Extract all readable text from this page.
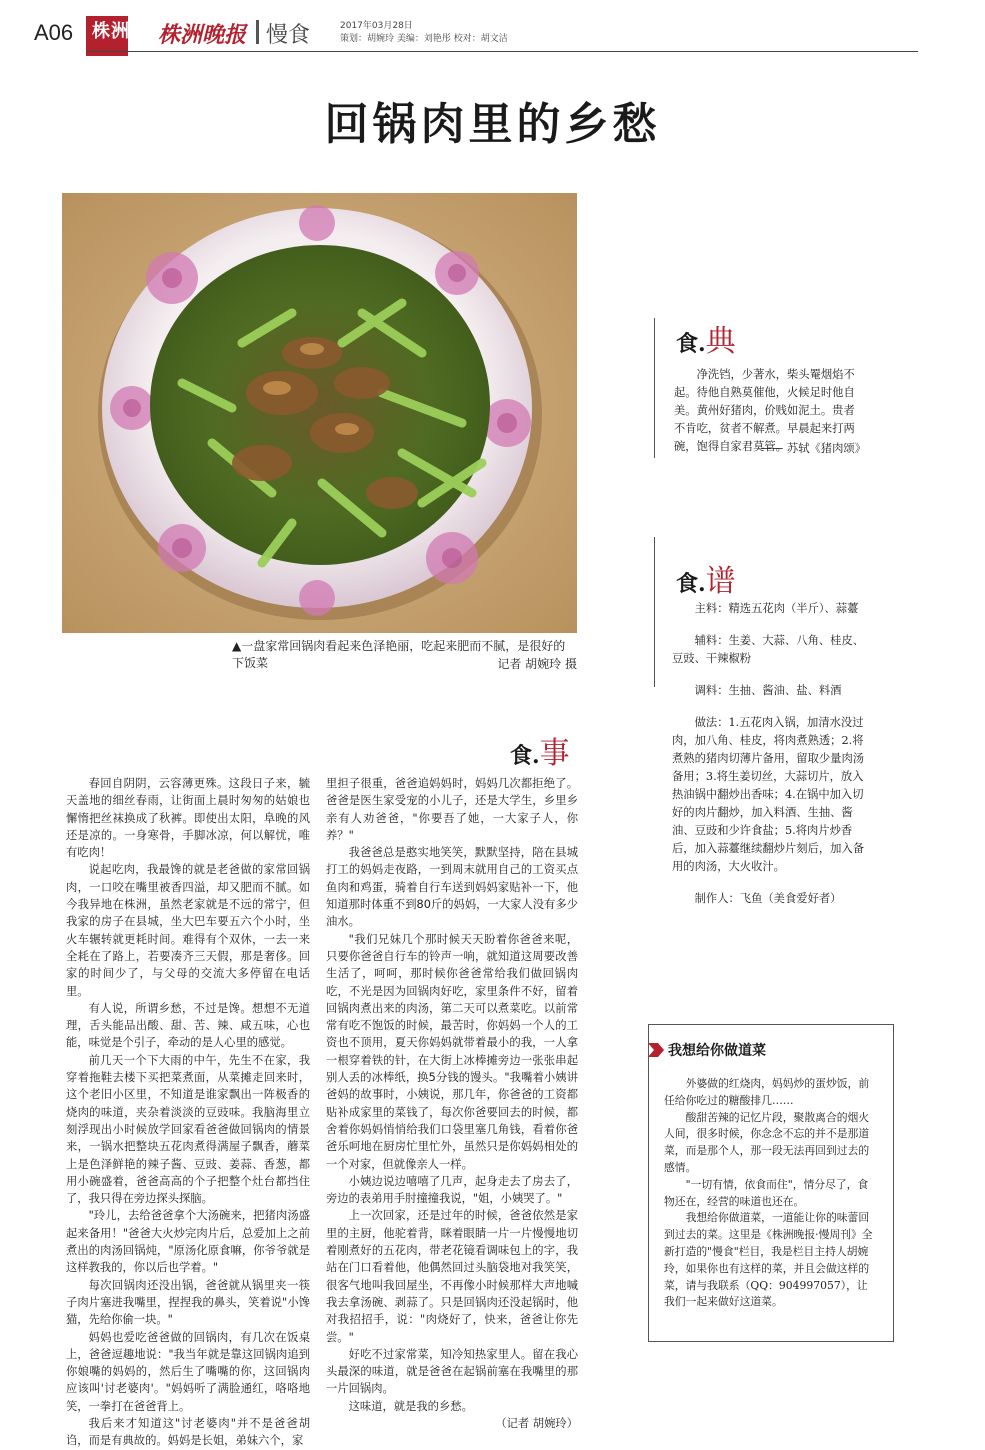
A06 株洲 株洲晚报 慢食	2017年03月28日
策划：胡婉玲 美编：刘艳彤 校对：胡文洁
回锅肉里的乡愁
▲一盘家常回锅肉看起来色泽艳丽，吃起来肥而不腻，是很好的下饭菜	记者 胡婉玲 摄
食.典
食.谱
食.事

净洗铛，少著水，柴头罨烟焰不起。待他自熟莫催他，火候足时他自美。黄州好猪肉，价贱如泥土。贵者不肯吃，贫者不解煮。早晨起来打两碗，饱得自家君莫管。

—— 苏轼《猪肉颂》

主料：精选五花肉（半斤）、蒜薹

辅料：生姜、大蒜、八角、桂皮、豆豉、干辣椒粉

调料：生抽、酱油、盐、料酒

做法：1.五花肉入锅，加清水没过肉，加八角、桂皮，将肉煮熟透；2.将煮熟的猪肉切薄片备用，留取少量肉汤备用；3.将生姜切丝，大蒜切片，放入热油锅中翻炒出香味；4.在锅中加入切好的肉片翻炒，加入料酒、生抽、酱油、豆豉和少许食盐；5.将肉片炒香后，加入蒜薹继续翻炒片刻后，加入备用的肉汤，大火收汁。

制作人：飞鱼（美食爱好者）

春回自阴阴，云容薄更殊。这段日子来，毓天盖地的细丝春雨，让街面上晨时匆匆的姑娘也懈惰把丝袜换成了秋裤。即使出太阳，阜晚的风还是凉的。一身寒骨，手脚冰凉，何以解忧，唯有吃肉！

说起吃肉，我最馋的就是老爸做的家常回锅肉，一口咬在嘴里被香四溢，却又肥而不腻。如今我异地在株洲，虽然老家就是不远的常宁，但我家的房子在县城，坐大巴车要五六个小时，坐火车辗转就更耗时间。难得有个双休，一去一来全耗在了路上，若要凑齐三天假，那是奢侈。回家的时间少了，与父母的交流大多停留在电话里。

有人说，所谓乡愁，不过是馋。想想不无道理，舌头能品出酸、甜、苦、辣、咸五味，心也能，味觉是个引子，牵动的是人心里的感觉。

前几天一个下大雨的中午，先生不在家，我穿着拖鞋去楼下买把菜煮面，从菜摊走回来时，这个老旧小区里，不知道是谁家飘出一阵极香的烧肉的味道，夹杂着淡淡的豆豉味。我脑海里立刻浮现出小时候放学回家看爸爸做回锅肉的情景来，一锅水把整块五花肉煮得满屋子飘香，蘑菜上是色泽鲜艳的辣子酱、豆豉、姜蒜、香葱，都用小碗盛着，爸爸高高的个子把整个灶台都挡住了，我只得在旁边探头探脑。

"玲儿，去给爸爸拿个大汤碗来，把猪肉汤盛起来备用！"爸爸大火炒完肉片后，总爱加上之前煮出的肉汤回锅炖，"原汤化原食嘛，你爷爷就是这样教我的，你以后也学着。"

每次回锅肉还没出锅，爸爸就从锅里夹一筷子肉片塞进我嘴里，捏捏我的鼻头，笑着说"小馋猫，先给你偷一块。"

妈妈也爱吃爸爸做的回锅肉，有几次在饭桌上，爸爸逗趣地说："我当年就是靠这回锅肉追到你娘嘴的妈妈的，然后生了嘴嘴的你，这回锅肉应该叫'讨老婆肉'。"妈妈听了满脸通红，咯咯地笑，一拳打在爸爸背上。

我后来才知道这"讨老婆肉"并不是爸爸胡诌，而是有典故的。妈妈是长姐，弟妹六个，家

里担子很重，爸爸追妈妈时，妈妈几次都拒绝了。爸爸是医生家受宠的小儿子，还是大学生，乡里乡亲有人劝爸爸，"你要吾了她，一大家子人，你养？"

我爸爸总是憨实地笑笑，默默坚持，陪在县城打工的妈妈走夜路，一到周末就用自己的工资买点鱼肉和鸡蛋，骑着自行车送到妈妈家贴补一下，他知道那时体重不到80斤的妈妈，一大家人没有多少油水。

"我们兄妹几个那时候天天盼着你爸爸来呢，只要你爸爸自行车的铃声一响，就知道这周要改善生活了，呵呵，那时候你爸爸常给我们做回锅肉吃，不光是因为回锅肉好吃，家里条件不好，留着回锅肉煮出来的肉汤，第二天可以煮菜吃。以前常常有吃不饱饭的时候，最苦时，你妈妈一个人的工资也不顶用，夏天你妈妈就带着最小的我，一人拿一根穿着铁的针，在大街上冰棒摊旁边一张张串起别人丢的冰棒纸，换5分钱的馒头。"我嘴着小姨讲爸妈的故事时，小姨说，那几年，你爸爸的工资都贴补成家里的菜钱了，每次你爸要回去的时候，都舍着你妈妈悄悄给我们口袋里塞几角钱，看着你爸爸乐呵地在厨房忙里忙外，虽然只是你妈妈相处的一个对家，但就像亲人一样。

小姨边说边嘻嘻了几声，起身走去了房去了，旁边的表弟用手肘撞撞我说，"姐，小姨哭了。"

上一次回家，还是过年的时候，爸爸依然是家里的主厨，他驼着背，眯着眼睛一片一片慢慢地切着刚煮好的五花肉，带老花镜看调味包上的字，我站在门口看着他，他偶然回过头脑袋地对我笑笑，很客气地叫我回屋坐，不再像小时候那样大声地喊我去拿汤碗、剥蒜了。只是回锅肉还没起锅时，他对我招招手，说："肉烧好了，快来，爸爸让你先尝。"

好吃不过家常菜，知冷知热家里人。留在我心头最深的味道，就是爸爸在起锅前塞在我嘴里的那一片回锅肉。

这味道，就是我的乡愁。

（记者 胡婉玲）

我想给你做道菜

外婆做的红烧肉，妈妈炒的蛋炒饭，前任给你吃过的糖酸排几……

酸甜苦辣的记忆片段，聚散离合的烟火人间，很多时候，你念念不忘的并不是那道菜，而是那个人，那一段无法再回到过去的感情。

"一切有情，依食而住"，情分尽了，食物还在，经营的味道也还在。

我想给你做道菜，一道能让你的味蕾回到过去的菜。这里是《株洲晚报·慢周刊》全新打造的"慢食"栏目，我是栏目主持人胡婉玲，如果你也有这样的菜，并且会做这样的菜，请与我联系（QQ：904997057），让我们一起来做好这道菜。
